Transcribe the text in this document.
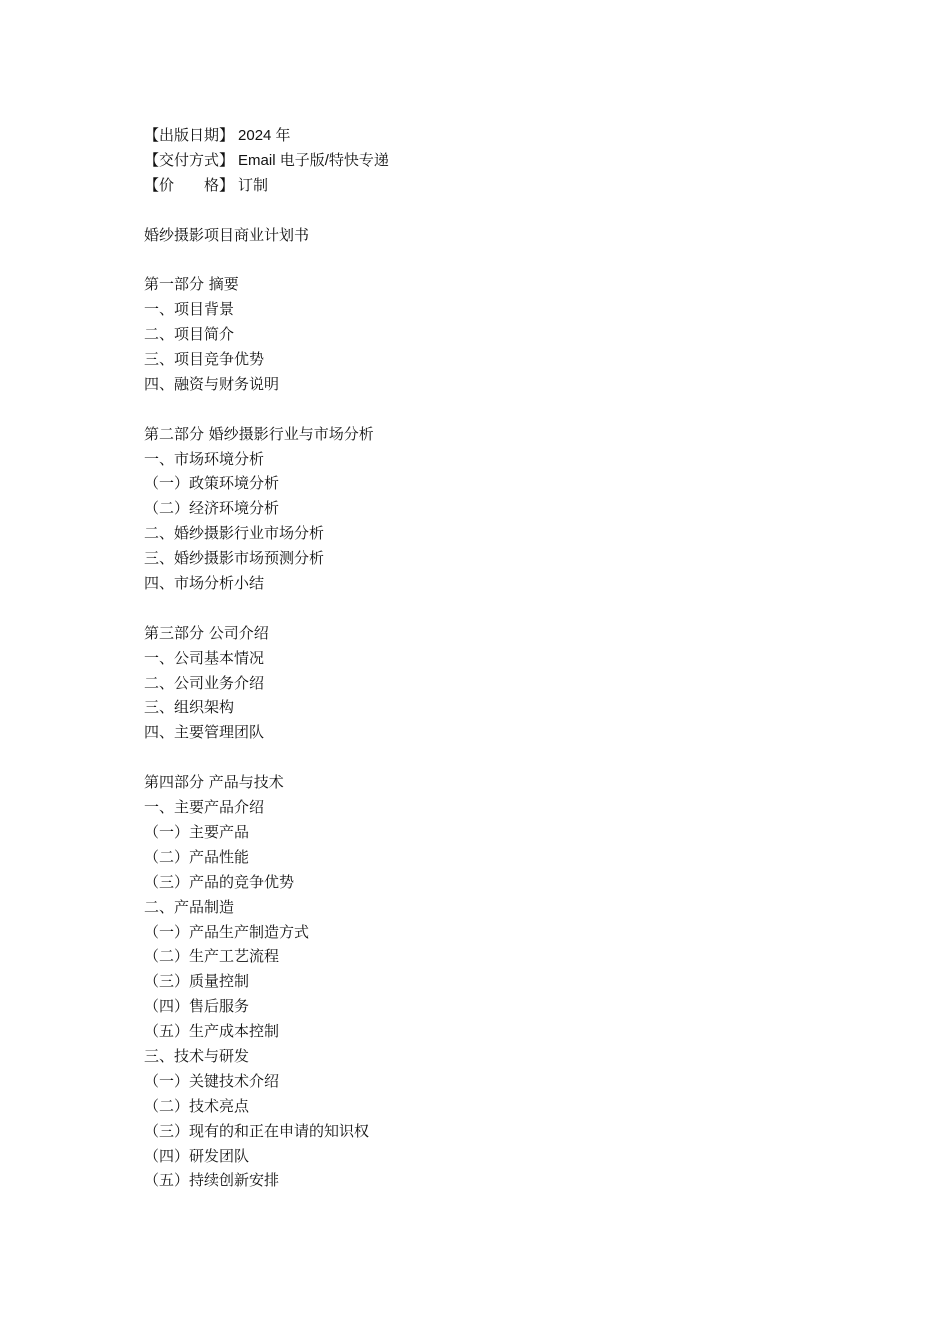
【出版日期】 2024 年
【交付方式】 Email 电子版/特快专递
【价　　格】 订制
婚纱摄影项目商业计划书
第一部分 摘要
一、项目背景
二、项目简介
三、项目竞争优势
四、融资与财务说明
第二部分 婚纱摄影行业与市场分析
一、市场环境分析
（一）政策环境分析
（二）经济环境分析
二、婚纱摄影行业市场分析
三、婚纱摄影市场预测分析
四、市场分析小结
第三部分 公司介绍
一、公司基本情况
二、公司业务介绍
三、组织架构
四、主要管理团队
第四部分 产品与技术
一、主要产品介绍
（一）主要产品
（二）产品性能
（三）产品的竞争优势
二、产品制造
（一）产品生产制造方式
（二）生产工艺流程
（三）质量控制
（四）售后服务
（五）生产成本控制
三、技术与研发
（一）关键技术介绍
（二）技术亮点
（三）现有的和正在申请的知识权
（四）研发团队
（五）持续创新安排
